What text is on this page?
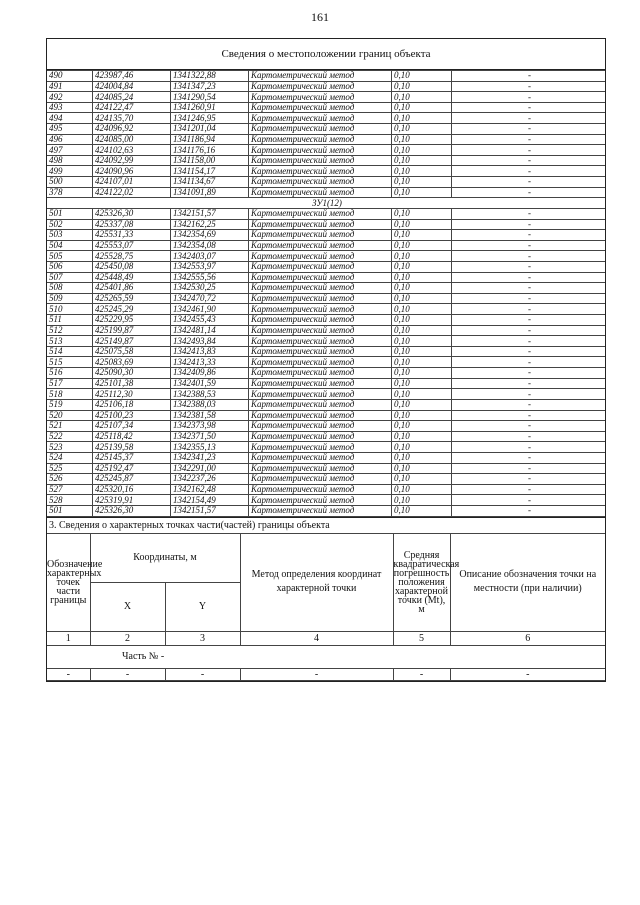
161
Сведения о местоположении границ объекта
490	423987,46	1341322,88	Картометрический метод	0,10	-
491	424004,84	1341347,23	Картометрический метод	0,10	-
492	424085,24	1341290,54	Картометрический метод	0,10	-
493	424122,47	1341260,91	Картометрический метод	0,10	-
494	424135,70	1341246,95	Картометрический метод	0,10	-
495	424096,92	1341201,04	Картометрический метод	0,10	-
496	424085,00	1341186,94	Картометрический метод	0,10	-
497	424102,63	1341176,16	Картометрический метод	0,10	-
498	424092,99	1341158,00	Картометрический метод	0,10	-
499	424090,96	1341154,17	Картометрический метод	0,10	-
500	424107,01	1341134,67	Картометрический метод	0,10	-
378	424122,02	1341091,89	Картометрический метод	0,10	-
ЗУ1(12)					
501	425326,30	1342151,57	Картометрический метод	0,10	-
502	425337,08	1342162,25	Картометрический метод	0,10	-
503	425531,33	1342354,69	Картометрический метод	0,10	-
504	425553,07	1342354,08	Картометрический метод	0,10	-
505	425528,75	1342403,07	Картометрический метод	0,10	-
506	425450,08	1342553,97	Картометрический метод	0,10	-
507	425448,49	1342555,56	Картометрический метод	0,10	-
508	425401,86	1342530,25	Картометрический метод	0,10	-
509	425265,59	1342470,72	Картометрический метод	0,10	-
510	425245,29	1342461,90	Картометрический метод	0,10	-
511	425229,95	1342455,43	Картометрический метод	0,10	-
512	425199,87	1342481,14	Картометрический метод	0,10	-
513	425149,87	1342493,84	Картометрический метод	0,10	-
514	425075,58	1342413,83	Картометрический метод	0,10	-
515	425083,69	1342413,33	Картометрический метод	0,10	-
516	425090,30	1342409,86	Картометрический метод	0,10	-
517	425101,38	1342401,59	Картометрический метод	0,10	-
518	425112,30	1342388,53	Картометрический метод	0,10	-
519	425106,18	1342388,03	Картометрический метод	0,10	-
520	425100,23	1342381,58	Картометрический метод	0,10	-
521	425107,34	1342373,98	Картометрический метод	0,10	-
522	425118,42	1342371,50	Картометрический метод	0,10	-
523	425139,58	1342355,13	Картометрический метод	0,10	-
524	425145,37	1342341,23	Картометрический метод	0,10	-
525	425192,47	1342291,00	Картометрический метод	0,10	-
526	425245,87	1342237,26	Картометрический метод	0,10	-
527	425320,16	1342162,48	Картометрический метод	0,10	-
528	425319,91	1342154,49	Картометрический метод	0,10	-
501	425326,30	1342151,57	Картометрический метод	0,10	-
3. Сведения о характерных точках части(частей) границы объекта
Обозначение характерных точек части границы	Координаты, м		Метод определения координат характерной точки	Средняя квадратическая погрешность положения характерной точки (Mt), м	Описание обозначения точки на местности (при наличии)
	X	Y			
1	2	3	4	5	6
Часть № -					
-	-	-	-	-	-
